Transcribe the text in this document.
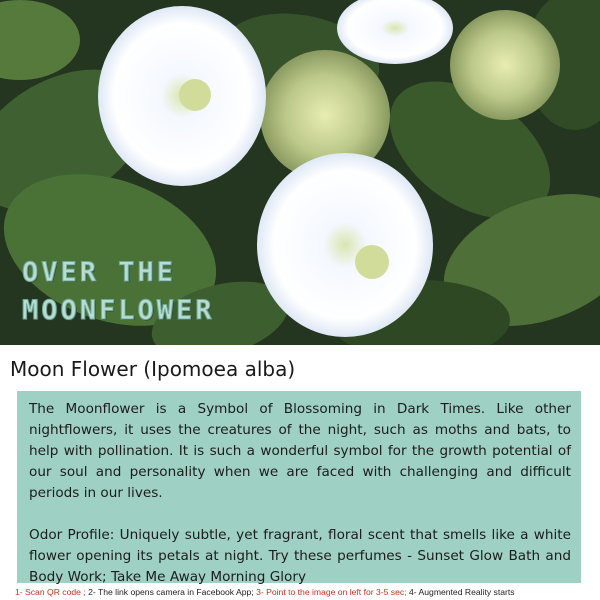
OVER THE
MOONFLOWER
Moon Flower (Ipomoea alba)

The Moonflower is a Symbol of Blossoming in Dark Times. Like other nightflowers, it uses the creatures of the night, such as moths and bats, to help with pollination. It is such a wonderful symbol for the growth potential of our soul and personality when we are faced with challenging and difficult periods in our lives.

Odor Profile: Uniquely subtle, yet fragrant, floral scent that smells like a white flower opening its petals at night. Try these perfumes - Sunset Glow Bath and Body Work; Take Me Away Morning Glory

1- Scan QR code ; 2- The link opens camera in Facebook App; 3- Point to the image on left for 3-5 sec; 4- Augmented Reality starts
